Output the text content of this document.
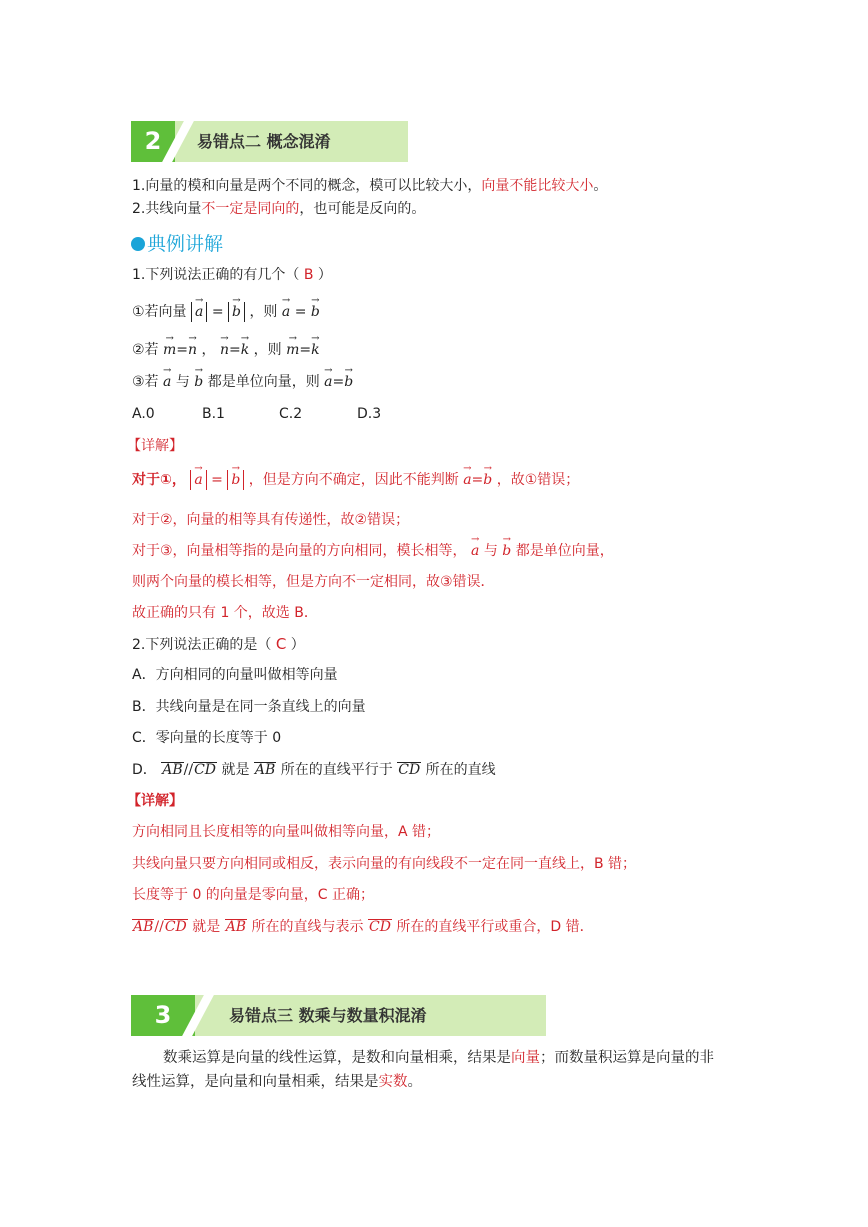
2	易错点二 概念混淆
1.向量的模和向量是两个不同的概念，模可以比较大小，向量不能比较大小。
2.共线向量不一定是同向的，也可能是反向的。
典例讲解
1.下列说法正确的有几个（ B ）
①若向量 → a = → b ，则 → a = → b
②若 → m=→ n ， → n=→ k ，则 → m=→ k
③若 → a 与 → b 都是单位向量，则 → a=→ b
A.0	B.1	C.2	D.3
【详解】
对于①， → a = → b ，但是方向不确定，因此不能判断 → a=→ b ，故①错误；
对于②，向量的相等具有传递性，故②错误；
对于③，向量相等指的是向量的方向相同，模长相等， → a 与 → b 都是单位向量，
则两个向量的模长相等，但是方向不一定相同，故③错误．
故正确的只有 1 个，故选 B．
2.下列说法正确的是（ C ）
A．方向相同的向量叫做相等向量
B．共线向量是在同一条直线上的向量
C．零向量的长度等于 0
D． AB//CD 就是 AB 所在的直线平行于 CD 所在的直线
【详解】
方向相同且长度相等的向量叫做相等向量，A 错；
共线向量只要方向相同或相反，表示向量的有向线段不一定在同一直线上，B 错；
长度等于 0 的向量是零向量，C 正确；
AB//CD 就是 AB 所在的直线与表示 CD 所在的直线平行或重合，D 错．
3	易错点三 数乘与数量积混淆
数乘运算是向量的线性运算，是数和向量相乘，结果是向量；而数量积运算是向量的非
线性运算，是向量和向量相乘，结果是实数。
